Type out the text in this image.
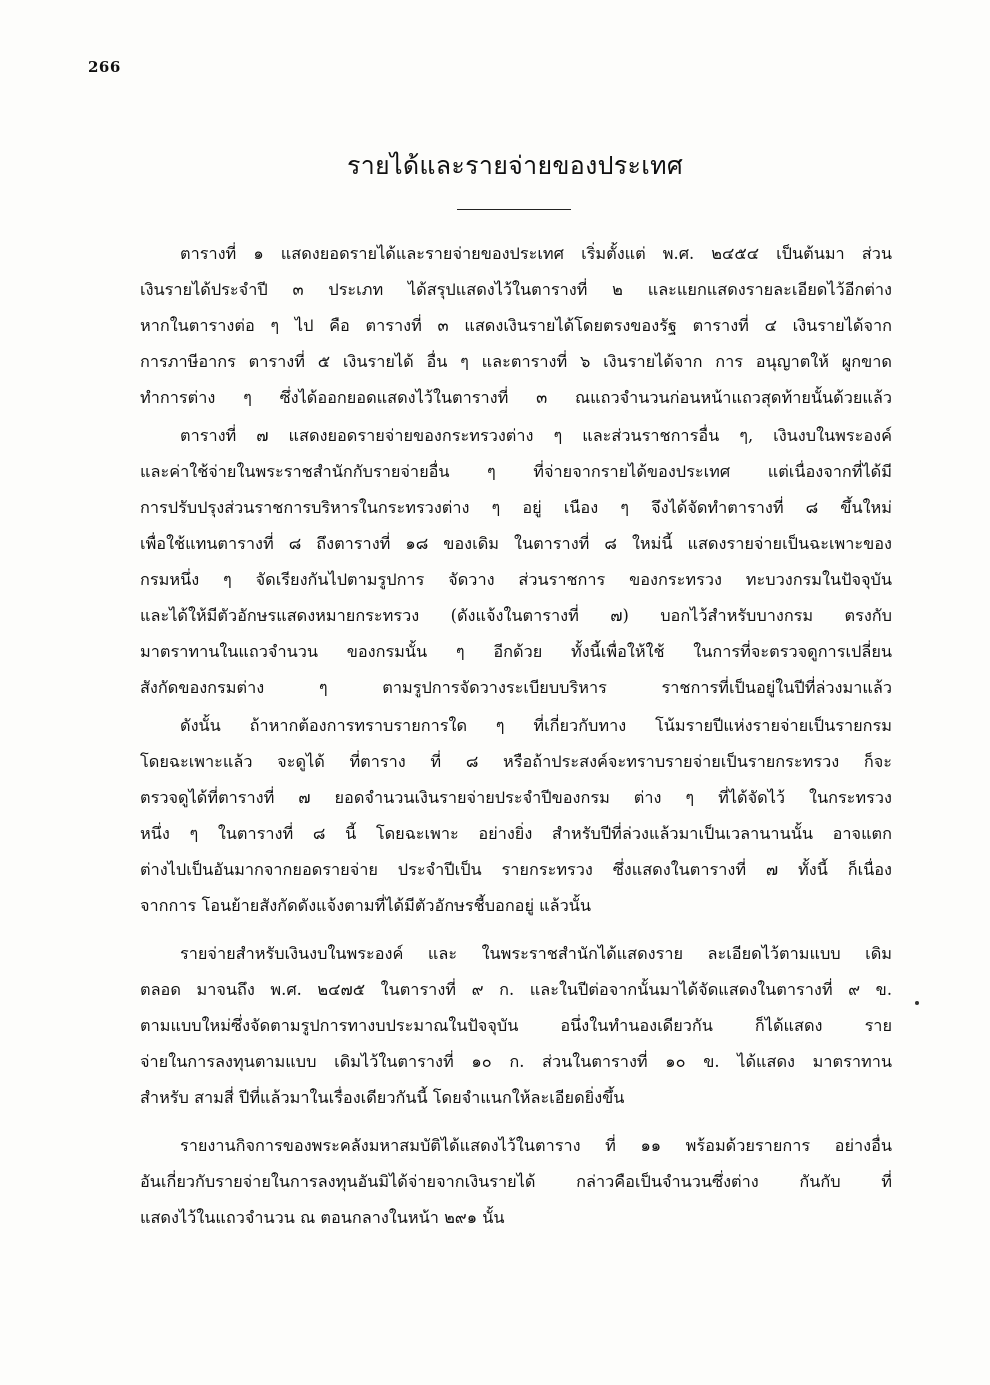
266
รายได้และรายจ่ายของประเทศ
ตารางที่ ๑ แสดงยอดรายได้และรายจ่ายของประเทศ เริ่มตั้งแต่ พ.ศ. ๒๔๕๔ เป็นต้นมา ส่วน
เงินรายได้ประจำปี ๓ ประเภท ได้สรุปแสดงไว้ในตารางที่ ๒ และแยกแสดงรายละเอียดไว้อีกต่าง
หากในตารางต่อ ๆ ไป คือ ตารางที่ ๓ แสดงเงินรายได้โดยตรงของรัฐ ตารางที่ ๔ เงินรายได้จาก
การภาษีอากร ตารางที่ ๕ เงินรายได้ อื่น ๆ และตารางที่ ๖ เงินรายได้จาก การ อนุญาตให้ ผูกขาด
ทำการต่าง ๆ ซึ่งได้ออกยอดแสดงไว้ในตารางที่ ๓ ณแถวจำนวนก่อนหน้าแถวสุดท้ายนั้นด้วยแล้ว
ตารางที่ ๗ แสดงยอดรายจ่ายของกระทรวงต่าง ๆ และส่วนราชการอื่น ๆ, เงินงบในพระองค์
และค่าใช้จ่ายในพระราชสำนักกับรายจ่ายอื่น ๆ ที่จ่ายจากรายได้ของประเทศ แต่เนื่องจากที่ได้มี
การปรับปรุงส่วนราชการบริหารในกระทรวงต่าง ๆ อยู่ เนือง ๆ จึงได้จัดทำตารางที่ ๘ ขึ้นใหม่
เพื่อใช้แทนตารางที่ ๘ ถึงตารางที่ ๑๘ ของเดิม ในตารางที่ ๘ ใหม่นี้ แสดงรายจ่ายเป็นฉะเพาะของ
กรมหนึ่ง ๆ จัดเรียงกันไปตามรูปการ จัดวาง ส่วนราชการ ของกระทรวง ทะบวงกรมในปัจจุบัน
และได้ให้มีตัวอักษรแสดงหมายกระทรวง (ดังแจ้งในตารางที่ ๗) บอกไว้สำหรับบางกรม ตรงกับ
มาตราทานในแถวจำนวน ของกรมนั้น ๆ อีกด้วย ทั้งนี้เพื่อให้ใช้ ในการที่จะตรวจดูการเปลี่ยน
สังกัดของกรมต่าง ๆ ตามรูปการจัดวางระเบียบบริหาร ราชการที่เป็นอยู่ในปีที่ล่วงมาแล้ว
ดังนั้น ถ้าหากต้องการทราบรายการใด ๆ ที่เกี่ยวกับทาง โน้มรายปีแห่งรายจ่ายเป็นรายกรม
โดยฉะเพาะแล้ว จะดูได้ ที่ตาราง ที่ ๘ หรือถ้าประสงค์จะทราบรายจ่ายเป็นรายกระทรวง ก็จะ
ตรวจดูได้ที่ตารางที่ ๗ ยอดจำนวนเงินรายจ่ายประจำปีของกรม ต่าง ๆ ที่ได้จัดไว้ ในกระทรวง
หนึ่ง ๆ ในตารางที่ ๘ นี้ โดยฉะเพาะ อย่างยิ่ง สำหรับปีที่ล่วงแล้วมาเป็นเวลานานนั้น อาจแตก
ต่างไปเป็นอันมากจากยอดรายจ่าย ประจำปีเป็น รายกระทรวง ซึ่งแสดงในตารางที่ ๗ ทั้งนี้ ก็เนื่อง
จากการ โอนย้ายสังกัดดังแจ้งตามที่ได้มีตัวอักษรชี้บอกอยู่ แล้วนั้น
รายจ่ายสำหรับเงินงบในพระองค์ และ ในพระราชสำนักได้แสดงราย ละเอียดไว้ตามแบบ เดิม
ตลอด มาจนถึง พ.ศ. ๒๔๗๕ ในตารางที่ ๙ ก. และในปีต่อจากนั้นมาได้จัดแสดงในตารางที่ ๙ ข.
ตามแบบใหม่ซึ่งจัดตามรูปการทางบประมาณในปัจจุบัน อนึ่งในทำนองเดียวกัน ก็ได้แสดง ราย
จ่ายในการลงทุนตามแบบ เดิมไว้ในตารางที่ ๑๐ ก. ส่วนในตารางที่ ๑๐ ข. ได้แสดง มาตราทาน
สำหรับ สามสี่ ปีที่แล้วมาในเรื่องเดียวกันนี้ โดยจำแนกให้ละเอียดยิ่งขึ้น
รายงานกิจการของพระคลังมหาสมบัติได้แสดงไว้ในตาราง ที่ ๑๑ พร้อมด้วยรายการ อย่างอื่น
อันเกี่ยวกับรายจ่ายในการลงทุนอันมิได้จ่ายจากเงินรายได้ กล่าวคือเป็นจำนวนซึ่งต่าง กันกับ ที่
แสดงไว้ในแถวจำนวน ณ ตอนกลางในหน้า ๒๙๑ นั้น
